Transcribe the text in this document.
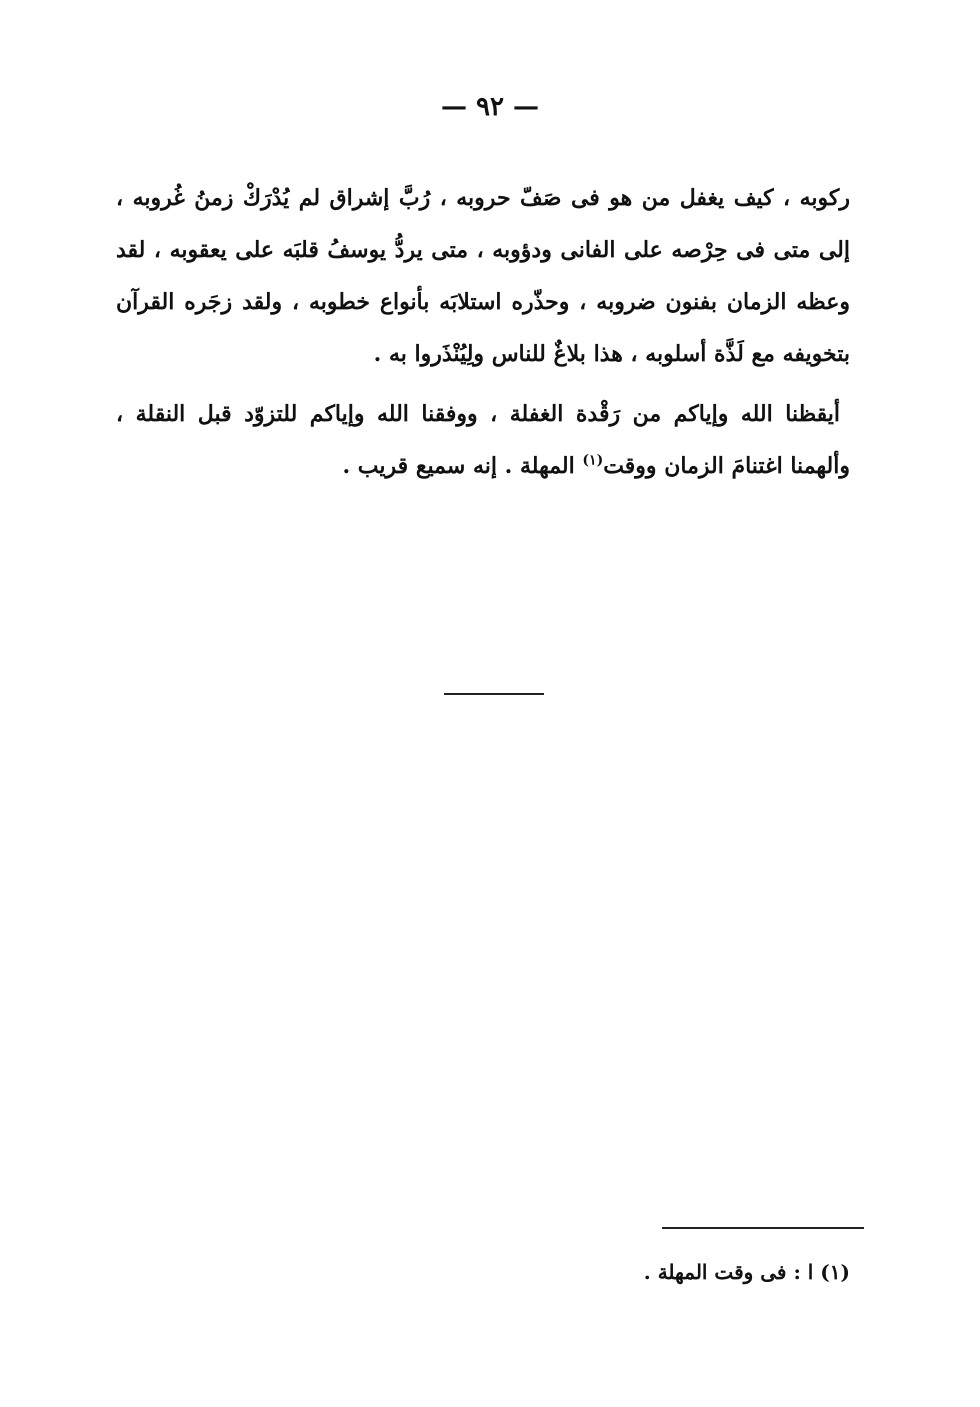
— ٩٢ —

ركوبه ، كيف يغفل من هو فى صَفّ حروبه ، رُبَّ إشراق لم يُدْرَكْ زمنُ غُروبه ، إلى متى فى حِرْصه على الفانى ودؤوبه ، متى يردُّ يوسفُ قلبَه على يعقوبه ، لقد وعظه الزمان بفنون ضروبه ، وحذّره استلابَه بأنواع خطوبه ، ولقد زجَره القرآن بتخويفه مع لَذَّة أسلوبه ، هذا بلاغٌ للناس ولِيُنْذَروا به .

أيقظنا الله وإياكم من رَقْدة الغفلة ، ووفقنا الله وإياكم للتزوّد قبل النقلة ، وألهمنا اغتنامَ الزمان ووقت$^{(١)}$ المهلة . إنه سميع قريب .

(١) ا : فى وقت المهلة .
